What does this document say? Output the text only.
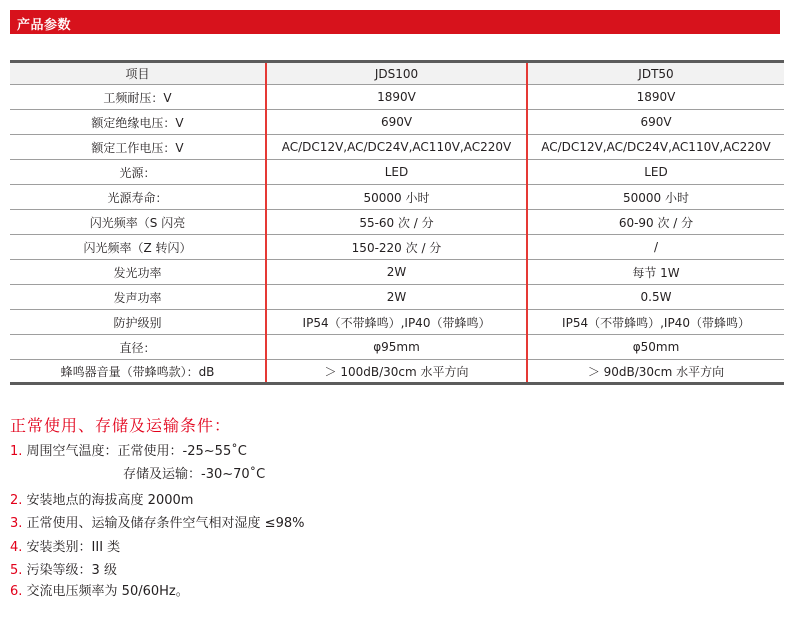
产品参数
项目	JDS100	JDT50
工频耐压：V	1890V	1890V
额定绝缘电压：V	690V	690V
额定工作电压：V	AC/DC12V,AC/DC24V,AC110V,AC220V	AC/DC12V,AC/DC24V,AC110V,AC220V
光源：	LED	LED
光源寿命：	50000 小时	50000 小时
闪光频率（S 闪亮	55-60 次 / 分	60-90 次 / 分
闪光频率（Z 转闪）	150-220 次 / 分	/
发光功率	2W	每节 1W
发声功率	2W	0.5W
防护级别	IP54（不带蜂鸣）,IP40（带蜂鸣）	IP54（不带蜂鸣）,IP40（带蜂鸣）
直径：	φ95mm	φ50mm
蜂鸣器音量（带蜂鸣款）：dB	＞ 100dB/30cm 水平方向	＞ 90dB/30cm 水平方向
正常使用、存储及运输条件：
1. 周围空气温度：正常使用：-25~55˚C
存储及运输：-30~70˚C
2. 安装地点的海拔高度 2000m
3. 正常使用、运输及储存条件空气相对湿度 ≤98%
4. 安装类别：III 类
5. 污染等级：3 级
6. 交流电压频率为 50/60Hz。
